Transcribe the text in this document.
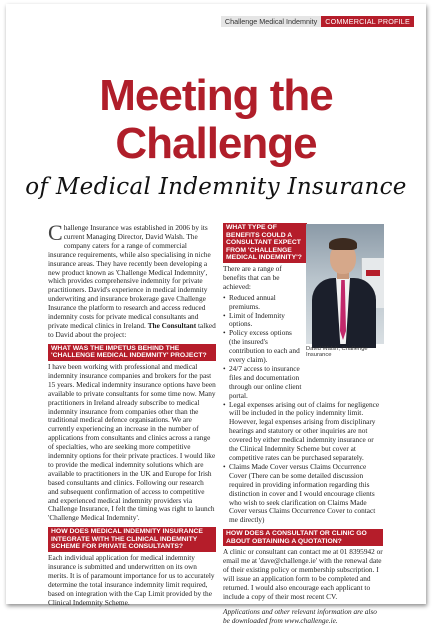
Challenge Medical Indemnity	COMMERCIAL PROFILE
Meeting the
Challenge
of Medical Indemnity Insurance

Challenge Insurance was established in 2006 by its current Managing Director, David Walsh. The company caters for a range of commercial insurance requirements, while also specialising in niche insurance areas. They have recently been developing a new product known as 'Challenge Medical Indemnity', which provides comprehensive indemnity for private practitioners. David's experience in medical indemnity underwriting and insurance brokerage gave Challenge Insurance the platform to research and access reduced indemnity costs for private medical consultants and private medical clinics in Ireland. The Consultant talked to David about the project:

WHAT WAS THE IMPETUS BEHIND THE 'CHALLENGE MEDICAL INDEMNITY' PROJECT?

I have been working with professional and medical indemnity insurance companies and brokers for the past 15 years. Medical indemnity insurance options have been available to private consultants for some time now. Many practitioners in Ireland already subscribe to medical indemnity insurance from companies other than the traditional medical defence organisations. We are currently experiencing an increase in the number of applications from consultants and clinics across a range of specialties, who are seeking more competitive indemnity options for their private practices. I would like to provide the medical indemnity solutions which are available to practitioners in the UK and Europe for Irish based consultants and clinics. Following our research and subsequent confirmation of access to competitive and experienced medical indemnity providers via Challenge Insurance, I felt the timing was right to launch 'Challenge Medical Indemnity'.

HOW DOES MEDICAL INDEMNITY INSURANCE INTEGRATE WITH THE CLINICAL INDEMNITY SCHEME FOR PRIVATE CONSULTANTS?

Each individual application for medical indemnity insurance is submitted and underwritten on its own merits. It is of paramount importance for us to accurately determine the total insurance indemnity limit required, based on integration with the Cap Limit provided by the Clinical Indemnity Scheme.

WHAT TYPE OF BENEFITS COULD A CONSULTANT EXPECT FROM 'CHALLENGE MEDICAL INDEMNITY'?

There are a range of benefits that can be achieved:

• Reduced annual premiums.
• Limit of Indemnity options.
• Policy excess options (the insured's contribution to each and every claim).
• 24/7 access to insurance files and documentation through our online client portal.
• Legal expenses arising out of claims for negligence will be included in the policy indemnity limit. However, legal expenses arising from disciplinary hearings and statutory or other inquiries are not covered by either medical indemnity insurance or the Clinical Indemnity Scheme but cover at competitive rates can be purchased separately.
• Claims Made Cover versus Claims Occurrence Cover (There can be some detailed discussion required in providing information regarding this distinction in cover and I would encourage clients who wish to seek clarification on Claims Made Cover versus Claims Occurrence Cover to contact me directly)
HOW DOES A CONSULTANT OR CLINIC GO ABOUT OBTAINING A QUOTATION?

A clinic or consultant can contact me at 01 8395942 or email me at 'dave@challenge.ie' with the renewal date of their existing policy or membership subscription. I will issue an application form to be completed and returned. I would also encourage each applicant to include a copy of their most recent CV.

Applications and other relevant information are also be downloaded from www.challenge.ie.

David Walsh, Challenge Insurance
